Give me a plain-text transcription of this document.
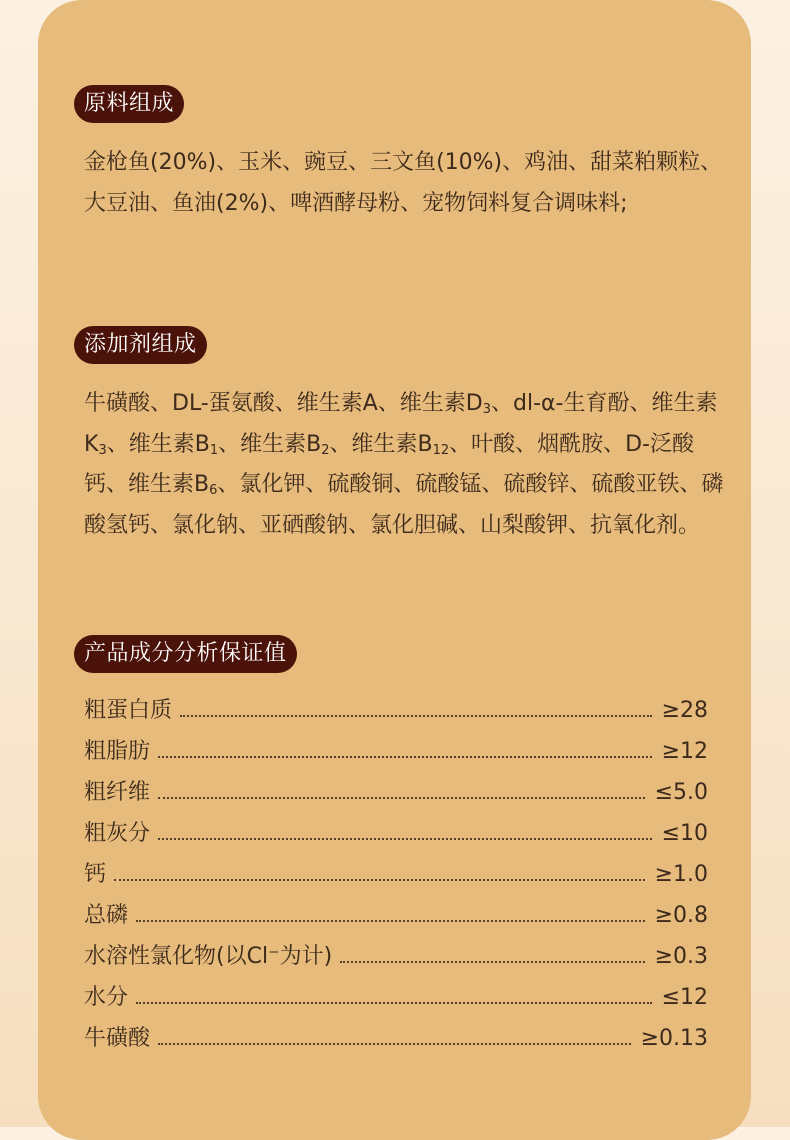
原料组成

金枪鱼(20%)、玉米、豌豆、三文鱼(10%)、鸡油、甜菜粕颗粒、大豆油、鱼油(2%)、啤酒酵母粉、宠物饲料复合调味料;

添加剂组成

牛磺酸、DL-蛋氨酸、维生素A、维生素$D_3$、dl-α-生育酚、维生素$K_3$、维生素$B_1$、维生素$B_2$、维生素$B_{12}$、叶酸、烟酰胺、D-泛酸钙、维生素$B_6$、氯化钾、硫酸铜、硫酸锰、硫酸锌、硫酸亚铁、磷酸氢钙、氯化钠、亚硒酸钠、氯化胆碱、山梨酸钾、抗氧化剂。

产品成分分析保证值
粗蛋白质	≥28
粗脂肪	≥12
粗纤维	≤5.0
粗灰分	≤10
钙	≥1.0
总磷	≥0.8
水溶性氯化物(以Cl⁻为计)	≥0.3
水分	≤12
牛磺酸	≥0.13
